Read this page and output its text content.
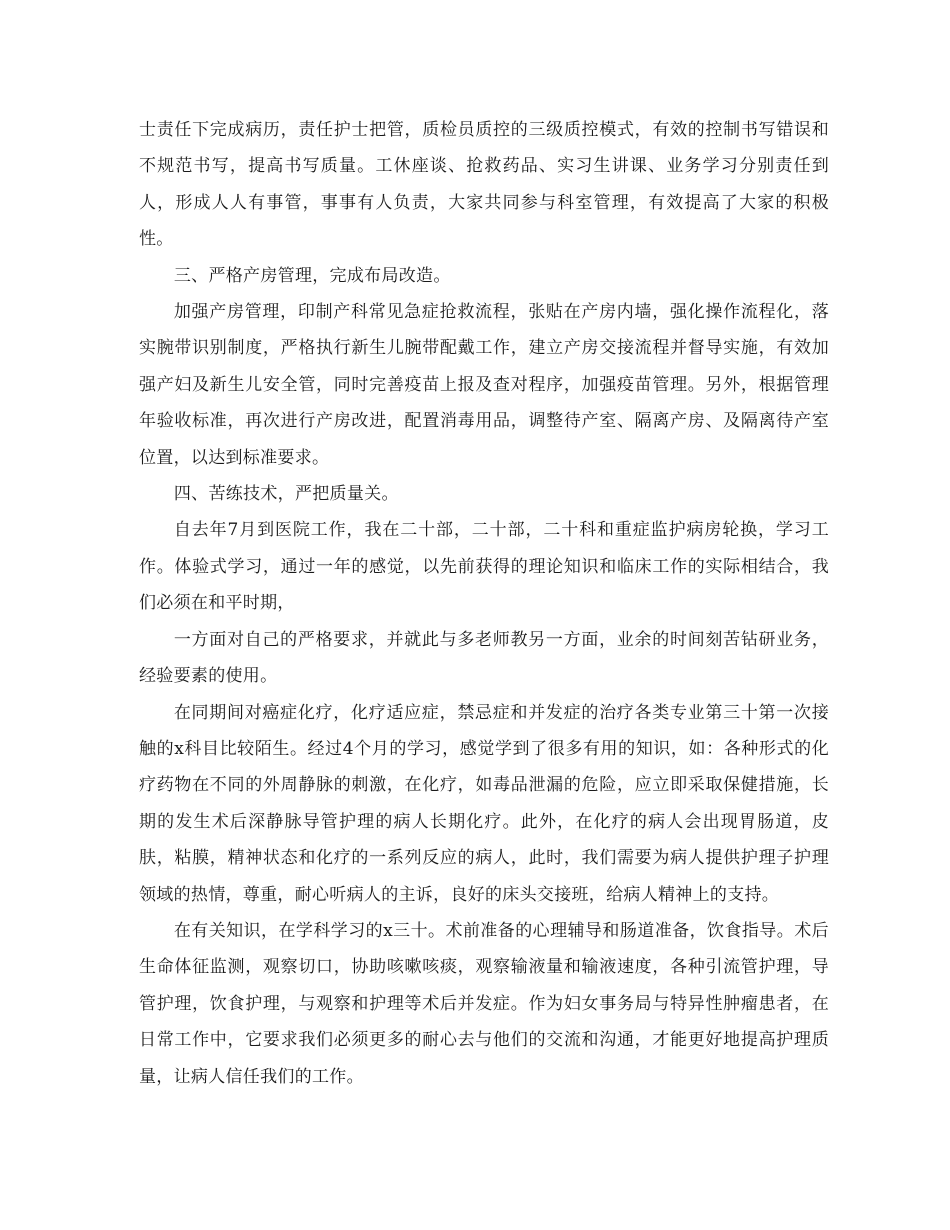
士责任下完成病历，责任护士把管，质检员质控的三级质控模式，有效的控制书写错误和不规范书写，提高书写质量。工休座谈、抢救药品、实习生讲课、业务学习分别责任到人，形成人人有事管，事事有人负责，大家共同参与科室管理，有效提高了大家的积极性。

三、严格产房管理，完成布局改造。

加强产房管理，印制产科常见急症抢救流程，张贴在产房内墙，强化操作流程化，落实腕带识别制度，严格执行新生儿腕带配戴工作，建立产房交接流程并督导实施，有效加强产妇及新生儿安全管，同时完善疫苗上报及查对程序，加强疫苗管理。另外，根据管理年验收标准，再次进行产房改进，配置消毒用品，调整待产室、隔离产房、及隔离待产室位置，以达到标准要求。

四、苦练技术，严把质量关。

自去年7月到医院工作，我在二十部，二十部，二十科和重症监护病房轮换，学习工作。体验式学习，通过一年的感觉，以先前获得的理论知识和临床工作的实际相结合，我们必须在和平时期，

一方面对自己的严格要求，并就此与多老师教另一方面，业余的时间刻苦钻研业务，经验要素的使用。

在同期间对癌症化疗，化疗适应症，禁忌症和并发症的治疗各类专业第三十第一次接触的x科目比较陌生。经过4个月的学习，感觉学到了很多有用的知识，如：各种形式的化疗药物在不同的外周静脉的刺激，在化疗，如毒品泄漏的危险，应立即采取保健措施，长期的发生术后深静脉导管护理的病人长期化疗。此外，在化疗的病人会出现胃肠道，皮肤，粘膜，精神状态和化疗的一系列反应的病人，此时，我们需要为病人提供护理子护理领域的热情，尊重，耐心听病人的主诉，良好的床头交接班，给病人精神上的支持。

在有关知识，在学科学习的x三十。术前准备的心理辅导和肠道准备，饮食指导。术后生命体征监测，观察切口，协助咳嗽咳痰，观察输液量和输液速度，各种引流管护理，导管护理，饮食护理，与观察和护理等术后并发症。作为妇女事务局与特异性肿瘤患者，在日常工作中，它要求我们必须更多的耐心去与他们的交流和沟通，才能更好地提高护理质量，让病人信任我们的工作。
